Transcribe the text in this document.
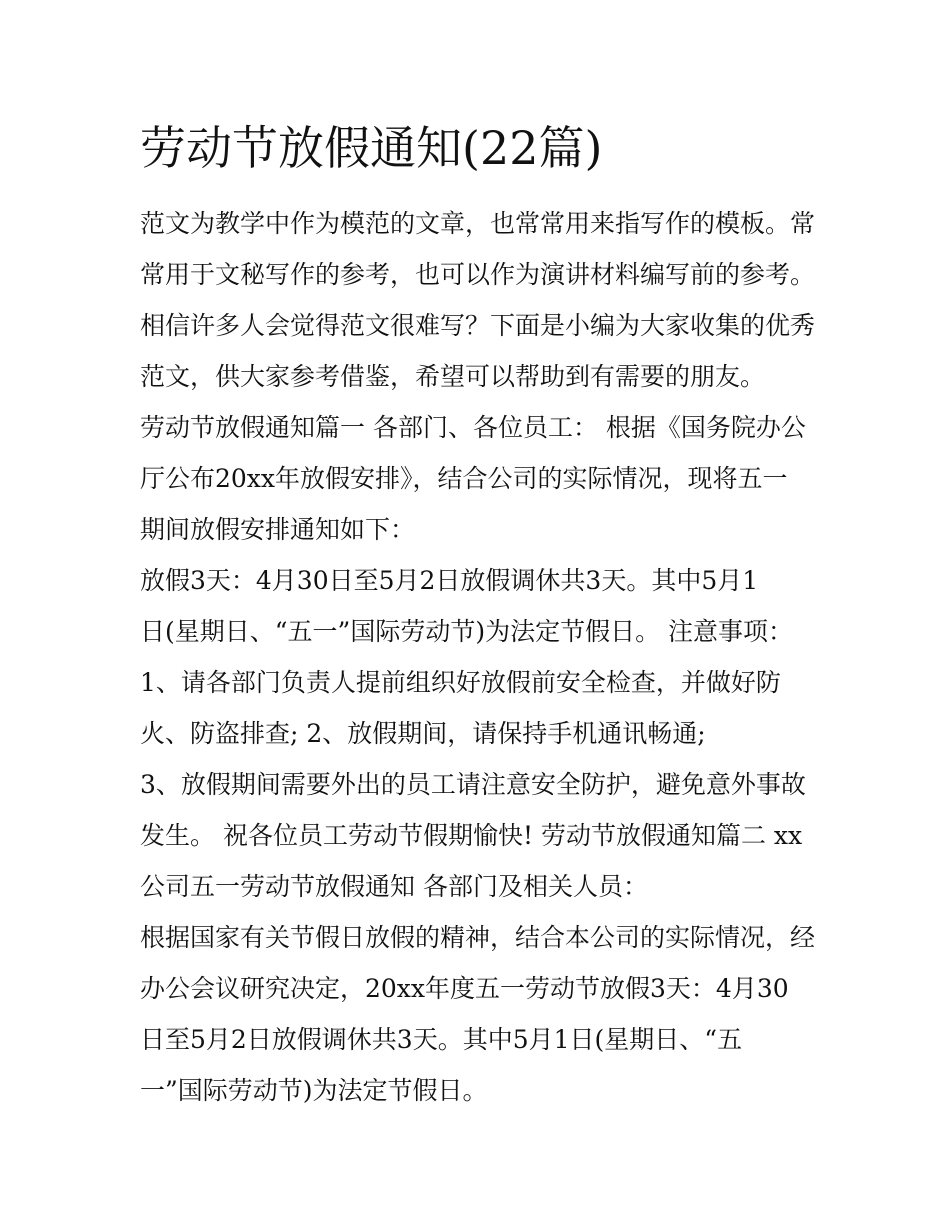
劳动节放假通知(22篇)
范文为教学中作为模范的文章，也常常用来指写作的模板。常
常用于文秘写作的参考，也可以作为演讲材料编写前的参考。
相信许多人会觉得范文很难写？下面是小编为大家收集的优秀
范文，供大家参考借鉴，希望可以帮助到有需要的朋友。
劳动节放假通知篇一 各部门、各位员工： 根据《国务院办公
厅公布20xx年放假安排》，结合公司的实际情况，现将五一
期间放假安排通知如下：
放假3天：4月30日至5月2日放假调休共3天。其中5月1
日(星期日、“五一”国际劳动节)为法定节假日。 注意事项：
1、请各部门负责人提前组织好放假前安全检查，并做好防
火、防盗排查; 2、放假期间，请保持手机通讯畅通;
3、放假期间需要外出的员工请注意安全防护，避免意外事故
发生。 祝各位员工劳动节假期愉快! 劳动节放假通知篇二 xx
公司五一劳动节放假通知 各部门及相关人员：
根据国家有关节假日放假的精神，结合本公司的实际情况，经
办公会议研究决定，20xx年度五一劳动节放假3天：4月30
日至5月2日放假调休共3天。其中5月1日(星期日、“五
一”国际劳动节)为法定节假日。
